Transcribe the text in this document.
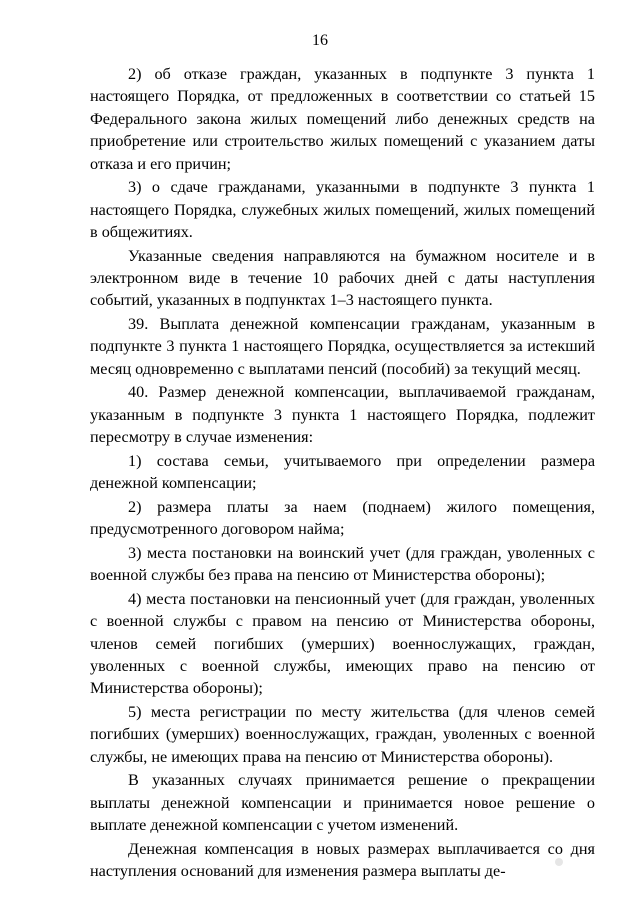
16

2) об отказе граждан, указанных в подпункте 3 пункта 1 настоящего Порядка, от предложенных в соответствии со статьей 15 Федерального закона жилых помещений либо денежных средств на приобретение или строительство жилых помещений с указанием даты отказа и его причин;

3) о сдаче гражданами, указанными в подпункте 3 пункта 1 настоящего Порядка, служебных жилых помещений, жилых помещений в общежитиях.

Указанные сведения направляются на бумажном носителе и в электронном виде в течение 10 рабочих дней с даты наступления событий, указанных в подпунктах 1–3 настоящего пункта.

39. Выплата денежной компенсации гражданам, указанным в подпункте 3 пункта 1 настоящего Порядка, осуществляется за истекший месяц одновременно с выплатами пенсий (пособий) за текущий месяц.

40. Размер денежной компенсации, выплачиваемой гражданам, указанным в подпункте 3 пункта 1 настоящего Порядка, подлежит пересмотру в случае изменения:

1) состава семьи, учитываемого при определении размера денежной компенсации;

2) размера платы за наем (поднаем) жилого помещения, предусмотренного договором найма;

3) места постановки на воинский учет (для граждан, уволенных с военной службы без права на пенсию от Министерства обороны);

4) места постановки на пенсионный учет (для граждан, уволенных с военной службы с правом на пенсию от Министерства обороны, членов семей погибших (умерших) военнослужащих, граждан, уволенных с военной службы, имеющих право на пенсию от Министерства обороны);

5) места регистрации по месту жительства (для членов семей погибших (умерших) военнослужащих, граждан, уволенных с военной службы, не имеющих права на пенсию от Министерства обороны).

В указанных случаях принимается решение о прекращении выплаты денежной компенсации и принимается новое решение о выплате денежной компенсации с учетом изменений.

Денежная компенсация в новых размерах выплачивается со дня наступления оснований для изменения размера выплаты де-
